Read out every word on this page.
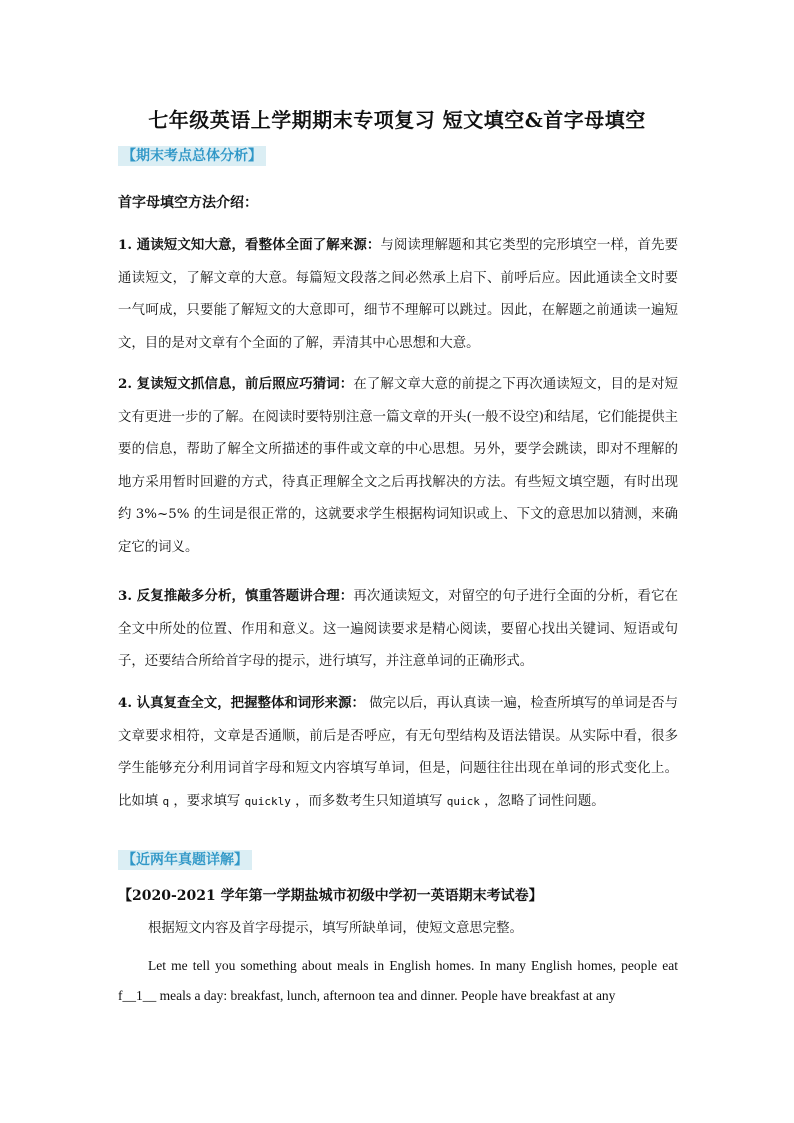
七年级英语上学期期末专项复习 短文填空&首字母填空
【期末考点总体分析】
首字母填空方法介绍：

1. 通读短文知大意，看整体全面了解来源：与阅读理解题和其它类型的完形填空一样，首先要通读短文，了解文章的大意。每篇短文段落之间必然承上启下、前呼后应。因此通读全文时要一气呵成，只要能了解短文的大意即可，细节不理解可以跳过。因此，在解题之前通读一遍短文，目的是对文章有个全面的了解，弄清其中心思想和大意。

2. 复读短文抓信息，前后照应巧猜词：在了解文章大意的前提之下再次通读短文，目的是对短文有更进一步的了解。在阅读时要特别注意一篇文章的开头(一般不设空)和结尾，它们能提供主要的信息，帮助了解全文所描述的事件或文章的中心思想。另外，要学会跳读，即对不理解的地方采用暂时回避的方式，待真正理解全文之后再找解决的方法。有些短文填空题，有时出现约 3%~5% 的生词是很正常的，这就要求学生根据构词知识或上、下文的意思加以猜测，来确定它的词义。

3. 反复推敲多分析，慎重答题讲合理：再次通读短文，对留空的句子进行全面的分析，看它在全文中所处的位置、作用和意义。这一遍阅读要求是精心阅读，要留心找出关键词、短语或句子，还要结合所给首字母的提示，进行填写，并注意单词的正确形式。

4. 认真复查全文，把握整体和词形来源： 做完以后，再认真读一遍，检查所填写的单词是否与文章要求相符，文章是否通顺，前后是否呼应，有无句型结构及语法错误。从实际中看，很多学生能够充分利用词首字母和短文内容填写单词，但是，问题往往出现在单词的形式变化上。比如填 q ，要求填写 quickly ，而多数考生只知道填写 quick ，忽略了词性问题。

【近两年真题详解】
【2020-2021 学年第一学期盐城市初级中学初一英语期末考试卷】
根据短文内容及首字母提示，填写所缺单词，使短文意思完整。

Let me tell you something about meals in English homes. In many English homes, people eat f__1__ meals a day: breakfast, lunch, afternoon tea and dinner. People have breakfast at any
